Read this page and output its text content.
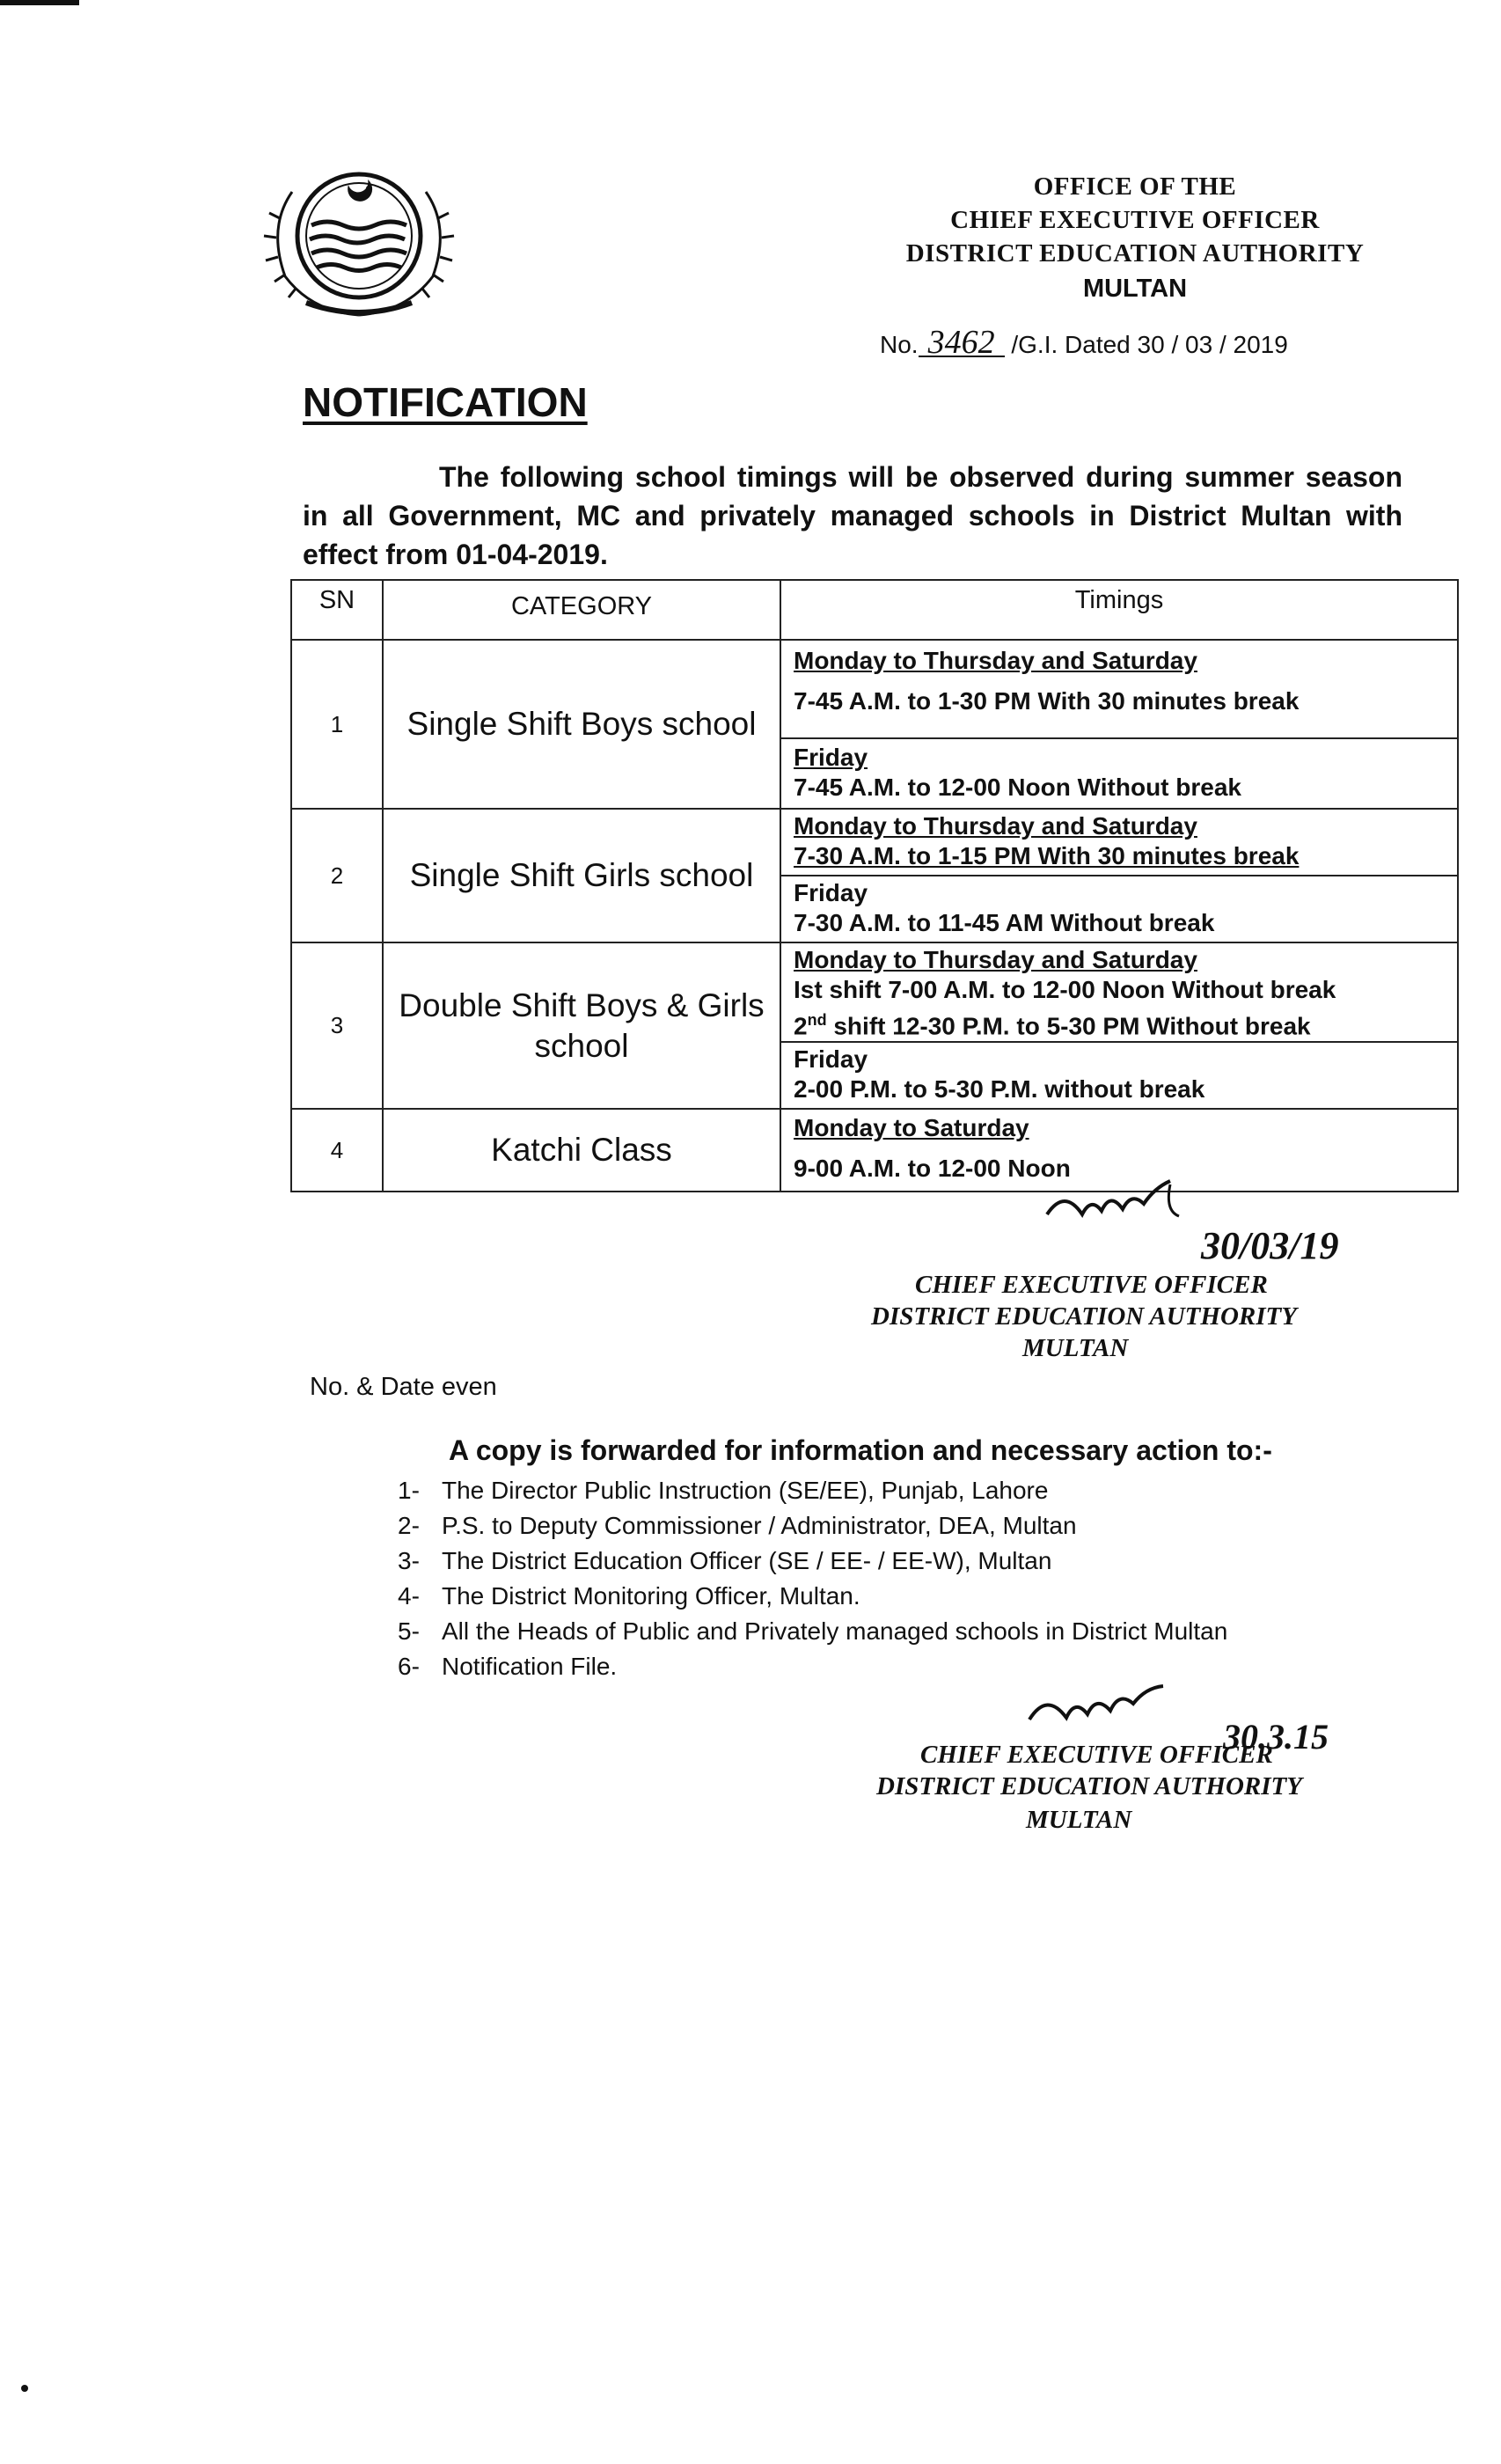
OFFICE OF THE
CHIEF EXECUTIVE OFFICER
DISTRICT EDUCATION AUTHORITY
MULTAN
No. 3462 /G.I. Dated 30 / 03 / 2019
NOTIFICATION
The following school timings will be observed during summer season in all Government, MC and privately managed schools in District Multan with effect from 01-04-2019.
SN	CATEGORY	Timings
1	Single Shift Boys school	Monday to Thursday and Saturday
7-45 A.M. to 1-30 PM With 30 minutes break

		Friday
7-45 A.M. to 12-00 Noon Without break

2	Single Shift Girls school	Monday to Thursday and Saturday
7-30 A.M. to 1-15 PM With 30 minutes break

		Friday
7-30 A.M. to 11-45 AM Without break

3	Double Shift Boys & Girls school	Monday to Thursday and Saturday
Ist shift 7-00 A.M. to 12-00 Noon Without break
2nd shift 12-30 P.M. to 5-30 PM Without break

		Friday
2-00 P.M. to 5-30 P.M. without break

4	Katchi Class	Monday to Saturday
9-00 A.M. to 12-00 Noon
30/03/19
CHIEF EXECUTIVE OFFICER
DISTRICT EDUCATION AUTHORITY
MULTAN
No. & Date even
A copy is forwarded for information and necessary action to:-
1- The Director Public Instruction (SE/EE), Punjab, Lahore
2- P.S. to Deputy Commissioner / Administrator, DEA, Multan
3- The District Education Officer (SE / EE- / EE-W), Multan
4- The District Monitoring Officer, Multan.
5- All the Heads of Public and Privately managed schools in District Multan
6- Notification File.
30.3.15
CHIEF EXECUTIVE OFFICER
DISTRICT EDUCATION AUTHORITY
MULTAN
